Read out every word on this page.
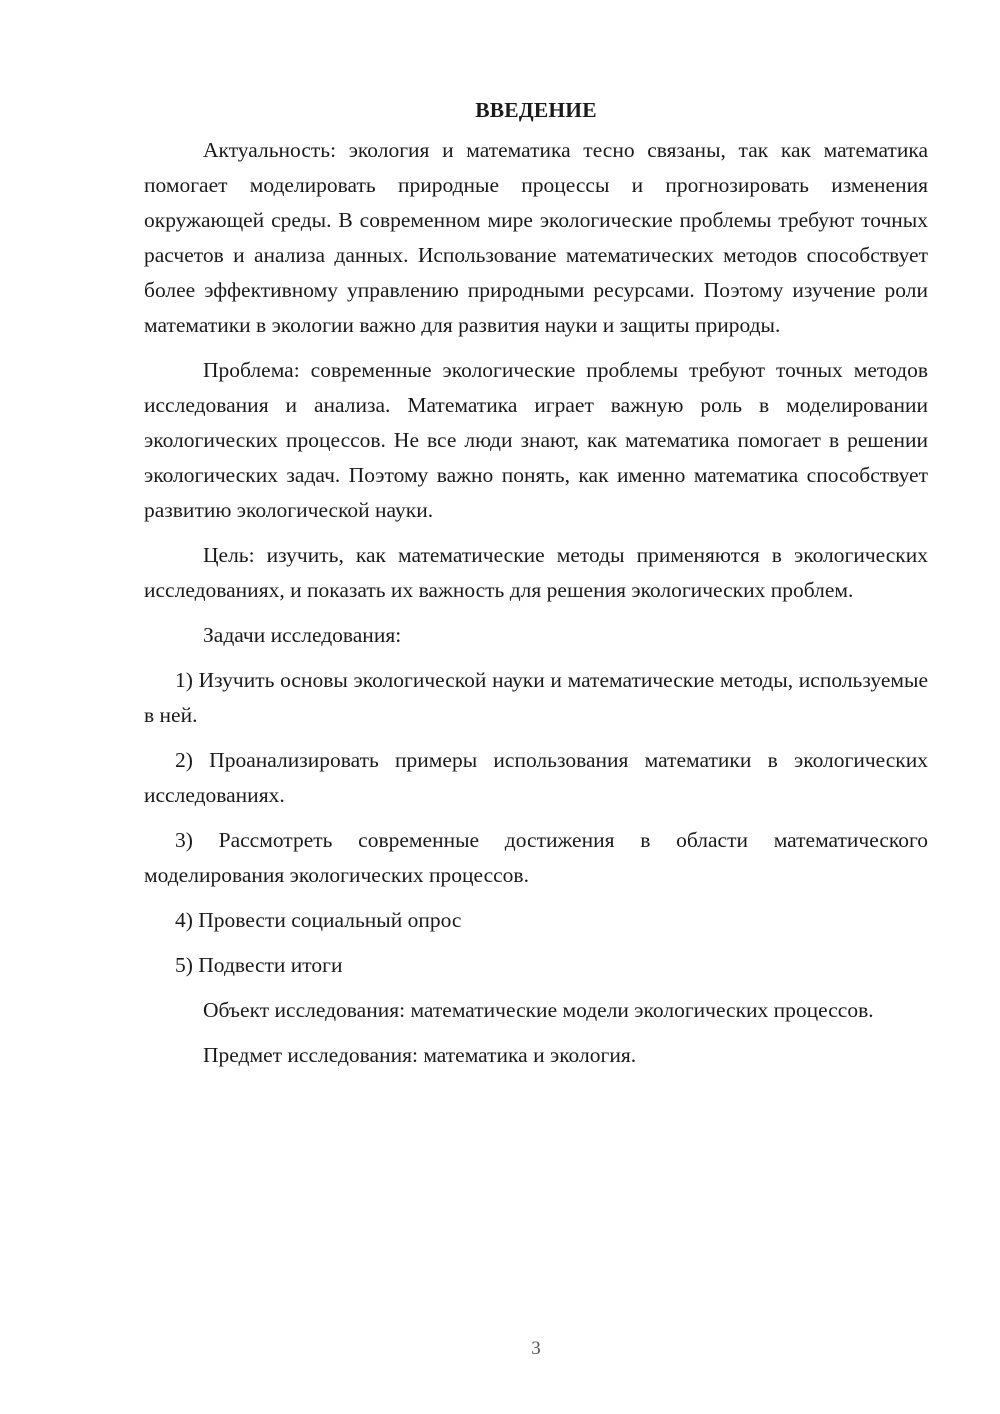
ВВЕДЕНИЕ

Актуальность: экология и математика тесно связаны, так как математика помогает моделировать природные процессы и прогнозировать изменения окружающей среды. В современном мире экологические проблемы требуют точных расчетов и анализа данных. Использование математических методов способствует более эффективному управлению природными ресурсами. Поэтому изучение роли математики в экологии важно для развития науки и защиты природы.

Проблема: современные экологические проблемы требуют точных методов исследования и анализа. Математика играет важную роль в моделировании экологических процессов. Не все люди знают, как математика помогает в решении экологических задач. Поэтому важно понять, как именно математика способствует развитию экологической науки.

Цель: изучить, как математические методы применяются в экологических исследованиях, и показать их важность для решения экологических проблем.

Задачи исследования:

1) Изучить основы экологической науки и математические методы, используемые в ней.

2) Проанализировать примеры использования математики в экологических исследованиях.

3) Рассмотреть современные достижения в области математического моделирования экологических процессов.

4) Провести социальный опрос

5) Подвести итоги

Объект исследования: математические модели экологических процессов.

Предмет исследования: математика и экология.

3
